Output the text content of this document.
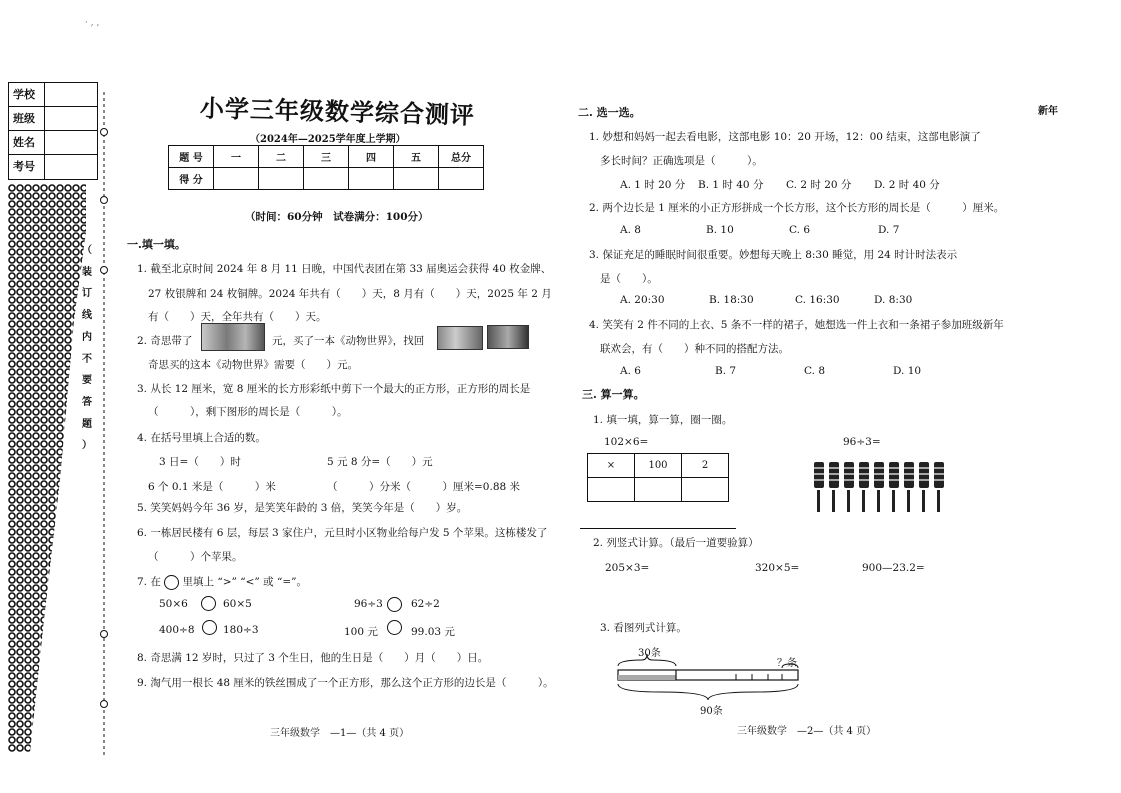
· , ,
学校
班级
姓名
考号
（
装
订
线
内
不
要
答
题
）
小学三年级数学综合测评
（2024年—2025学年度上学期）
新年
题 号	一	二	三	四	五	总分
得 分						
（时间：60分钟　试卷满分：100分）
一.填一填。
1. 截至北京时间 2024 年 8 月 11 日晚，中国代表团在第 33 届奥运会获得 40 枚金牌、
27 枚银牌和 24 枚铜牌。2024 年共有（　　）天，8 月有（　　）天，2025 年 2 月
有（　　）天，全年共有（　　）天。
2. 奇思带了	元，买了一本《动物世界》，找回
奇思买的这本《动物世界》需要（　　）元。
3. 从长 12 厘米，宽 8 厘米的长方形彩纸中剪下一个最大的正方形，正方形的周长是
（　　　），剩下图形的周长是（　　　）。
4. 在括号里填上合适的数。
3 日=（　　）时	5 元 8 分=（　　）元
6 个 0.1 米是（　　　）米	（　　　）分米（　　　）厘米=0.88 米
5. 笑笑妈妈今年 36 岁，是笑笑年龄的 3 倍，笑笑今年是（　　）岁。
6. 一栋居民楼有 6 层，每层 3 家住户，元旦时小区物业给每户发 5 个苹果。这栋楼发了
（　　　）个苹果。
7. 在 里填上 “>” “<” 或 “=”。
50×6	60×5	96÷3	62÷2
400÷8	180÷3	100 元	99.03 元
8. 奇思满 12 岁时，只过了 3 个生日，他的生日是（　　）月（　　）日。
9. 淘气用一根长 48 厘米的铁丝围成了一个正方形，那么这个正方形的边长是（　　　）。
三年级数学　—1—（共 4 页）
二. 选一选。
1. 妙想和妈妈一起去看电影，这部电影 10：20 开场，12：00 结束，这部电影演了
多长时间？正确选项是（　　　）。
A. 1 时 20 分 B. 1 时 40 分 C. 2 时 20 分 D. 2 时 40 分
2. 两个边长是 1 厘米的小正方形拼成一个长方形，这个长方形的周长是（　　　）厘米。
A. 8	B. 10	C. 6	D. 7
3. 保证充足的睡眠时间很重要。妙想每天晚上 8:30 睡觉，用 24 时计时法表示
是（　　）。
A. 20:30	B. 18:30	C. 16:30	D. 8:30
4. 笑笑有 2 件不同的上衣、5 条不一样的裙子，她想选一件上衣和一条裙子参加班级新年
联欢会，有（　　）种不同的搭配方法。
A. 6	B. 7	C. 8	D. 10
三. 算一算。
1. 填一填，算一算，圈一圈。
102×6=	96÷3=
×	100	2

2. 列竖式计算。（最后一道要验算）
205×3=	320×5=	900—23.2=
3. 看图列式计算。
30条
？条
90条
三年级数学　—2—（共 4 页）
